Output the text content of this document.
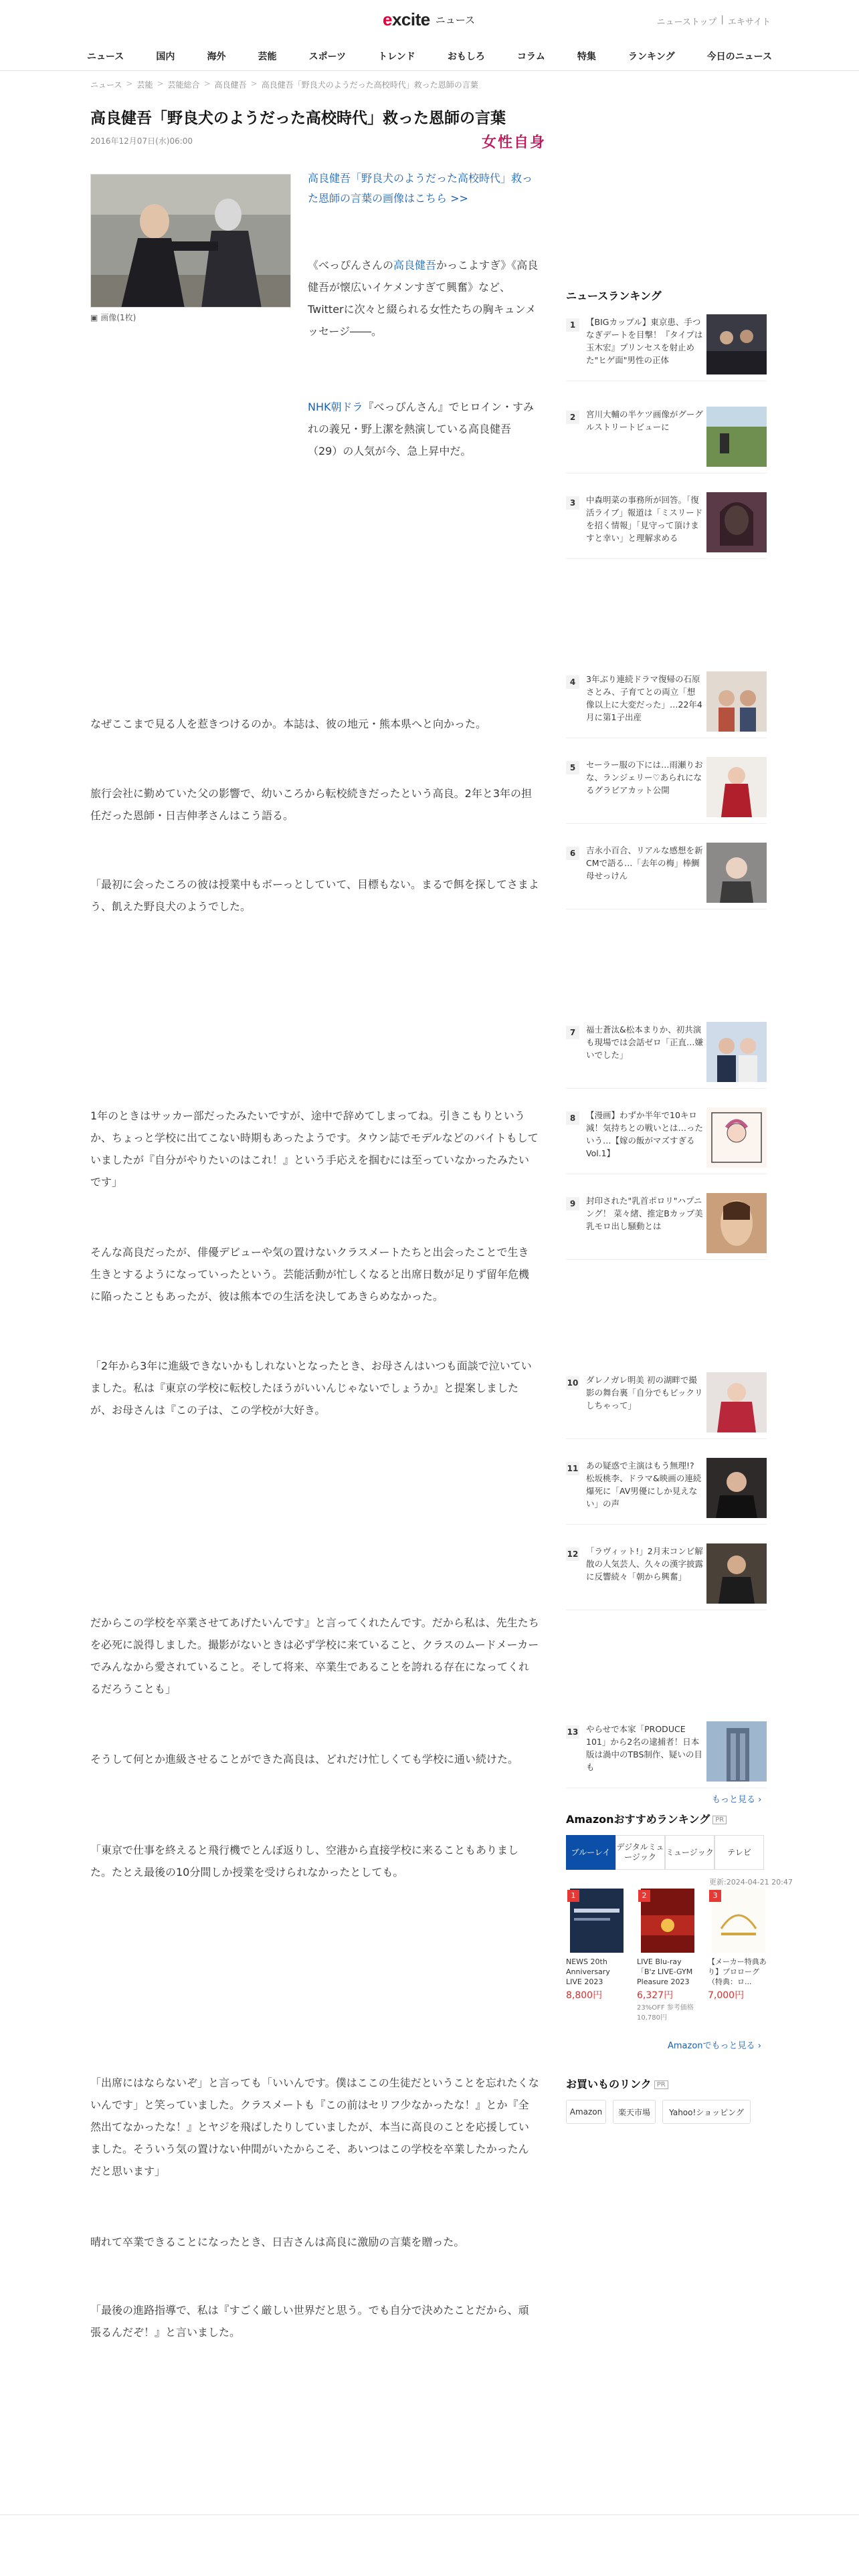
excite ニュース	ニューストップ | エキサイト
ニュース	国内	海外	芸能	スポーツ	トレンド	おもしろ	コラム	特集	ランキング	今日のニュース
ニュース > 芸能 > 芸能総合 > 高良健吾 > 高良健吾「野良犬のようだった高校時代」救った恩師の言葉
高良健吾「野良犬のようだった高校時代」救った恩師の言葉
2016年12月07日(水)06:00	女性自身
▣ 画像(1枚)
高良健吾「野良犬のようだった高校時代」救った恩師の言葉の画像はこちら >>

《べっぴんさんの高良健吾かっこよすぎ》《高良健吾が懐広いイケメンすぎて興奮》など、Twitterに次々と綴られる女性たちの胸キュンメッセージ――。

NHK朝ドラ『べっぴんさん』でヒロイン・すみれの義兄・野上潔を熱演している高良健吾（29）の人気が今、急上昇中だ。

なぜここまで見る人を惹きつけるのか。本誌は、彼の地元・熊本県へと向かった。

旅行会社に勤めていた父の影響で、幼いころから転校続きだったという高良。2年と3年の担任だった恩師・日吉伸孝さんはこう語る。

「最初に会ったころの彼は授業中もボーっとしていて、目標もない。まるで餌を探してさまよう、飢えた野良犬のようでした。

1年のときはサッカー部だったみたいですが、途中で辞めてしまってね。引きこもりというか、ちょっと学校に出てこない時期もあったようです。タウン誌でモデルなどのバイトもしていましたが『自分がやりたいのはこれ！』という手応えを掴むには至っていなかったみたいです」

そんな高良だったが、俳優デビューや気の置けないクラスメートたちと出会ったことで生き生きとするようになっていったという。芸能活動が忙しくなると出席日数が足りず留年危機に陥ったこともあったが、彼は熊本での生活を決してあきらめなかった。

「2年から3年に進級できないかもしれないとなったとき、お母さんはいつも面談で泣いていました。私は『東京の学校に転校したほうがいいんじゃないでしょうか』と提案しましたが、お母さんは『この子は、この学校が大好き。

だからこの学校を卒業させてあげたいんです』と言ってくれたんです。だから私は、先生たちを必死に説得しました。撮影がないときは必ず学校に来ていること、クラスのムードメーカーでみんなから愛されていること。そして将来、卒業生であることを誇れる存在になってくれるだろうことも」

そうして何とか進級させることができた高良は、どれだけ忙しくても学校に通い続けた。

「東京で仕事を終えると飛行機でとんぼ返りし、空港から直接学校に来ることもありました。たとえ最後の10分間しか授業を受けられなかったとしても。

「出席にはならないぞ」と言っても「いいんです。僕はここの生徒だということを忘れたくないんです」と笑っていました。クラスメートも『この前はセリフ少なかったな！』とか『全然出てなかったな！』とヤジを飛ばしたりしていましたが、本当に高良のことを応援していました。そういう気の置けない仲間がいたからこそ、あいつはこの学校を卒業したかったんだと思います」

晴れて卒業できることになったとき、日吉さんは高良に激励の言葉を贈った。

「最後の進路指導で、私は『すごく厳しい世界だと思う。でも自分で決めたことだから、頑張るんだぞ！』と言いました。

ニュースランキング
1	【BIGカップル】東京患、手つなぎデートを目撃！『タイプは玉木宏』プリンセスを射止めた"ヒゲ面"男性の正体
2	宮川大輔の半ケツ画像がグーグルストリートビューに
3	中森明菜の事務所が回答。「復活ライブ」報道は「ミスリードを招く情報」「見守って頂けますと幸い」と理解求める
4	3年ぶり連続ドラマ復帰の石原さとみ、子育てとの両立「想像以上に大変だった」…22年4月に第1子出産
5	セーラー服の下には…雨瀬りおな、ランジェリー♡あられになるグラビアカット公開
6	吉永小百合、リアルな感想を新CMで語る…「去年の梅」棒鯛母せっけん
7	福士蒼汰&松本まりか、初共演も現場では会話ゼロ「正直…嫌いでした」
8	【漫画】わずか半年で10キロ減！気持ちとの戦いとは…ったいう…【嫁の飯がマズすぎるVol.1】
9	封印された"乳首ポロリ"ハプニング！ 菜々緒、推定Bカップ美乳モロ出し騒動とは
10 ダレノガレ明美 初の湖畔で撮影の舞台裏「自分でもビックリしちゃって」
11 あの疑惑で主演はもう無理!? 松坂桃李、ドラマ&映画の連続爆死に「AV男優にしか見えない」の声
12 「ラヴィット!」2月末コンビ解散の人気芸人、久々の漢字披露に反響続々「朝から興奮」
13 やらせで本家「PRODUCE 101」から2名の逮捕者！日本版は渦中のTBS制作、疑いの目も
もっと見る ›
Amazonおすすめランキング PR
ブルーレイ
デジタルミュージック
ミュージック	テレビ
更新:2024-04-21 20:47
1
NEWS 20th Anniversary LIVE 2023
8,800円
2
LIVE Blu-ray「B'z LIVE-GYM Pleasure 2023
6,327円
23%OFF 参考価格 10,780円
3
【メーカー特典あり】プロローグ（特典：ロ...
7,000円
Amazonでもっと見る ›
お買いものリンク PR
Amazon	楽天市場	Yahoo!ショッピング
